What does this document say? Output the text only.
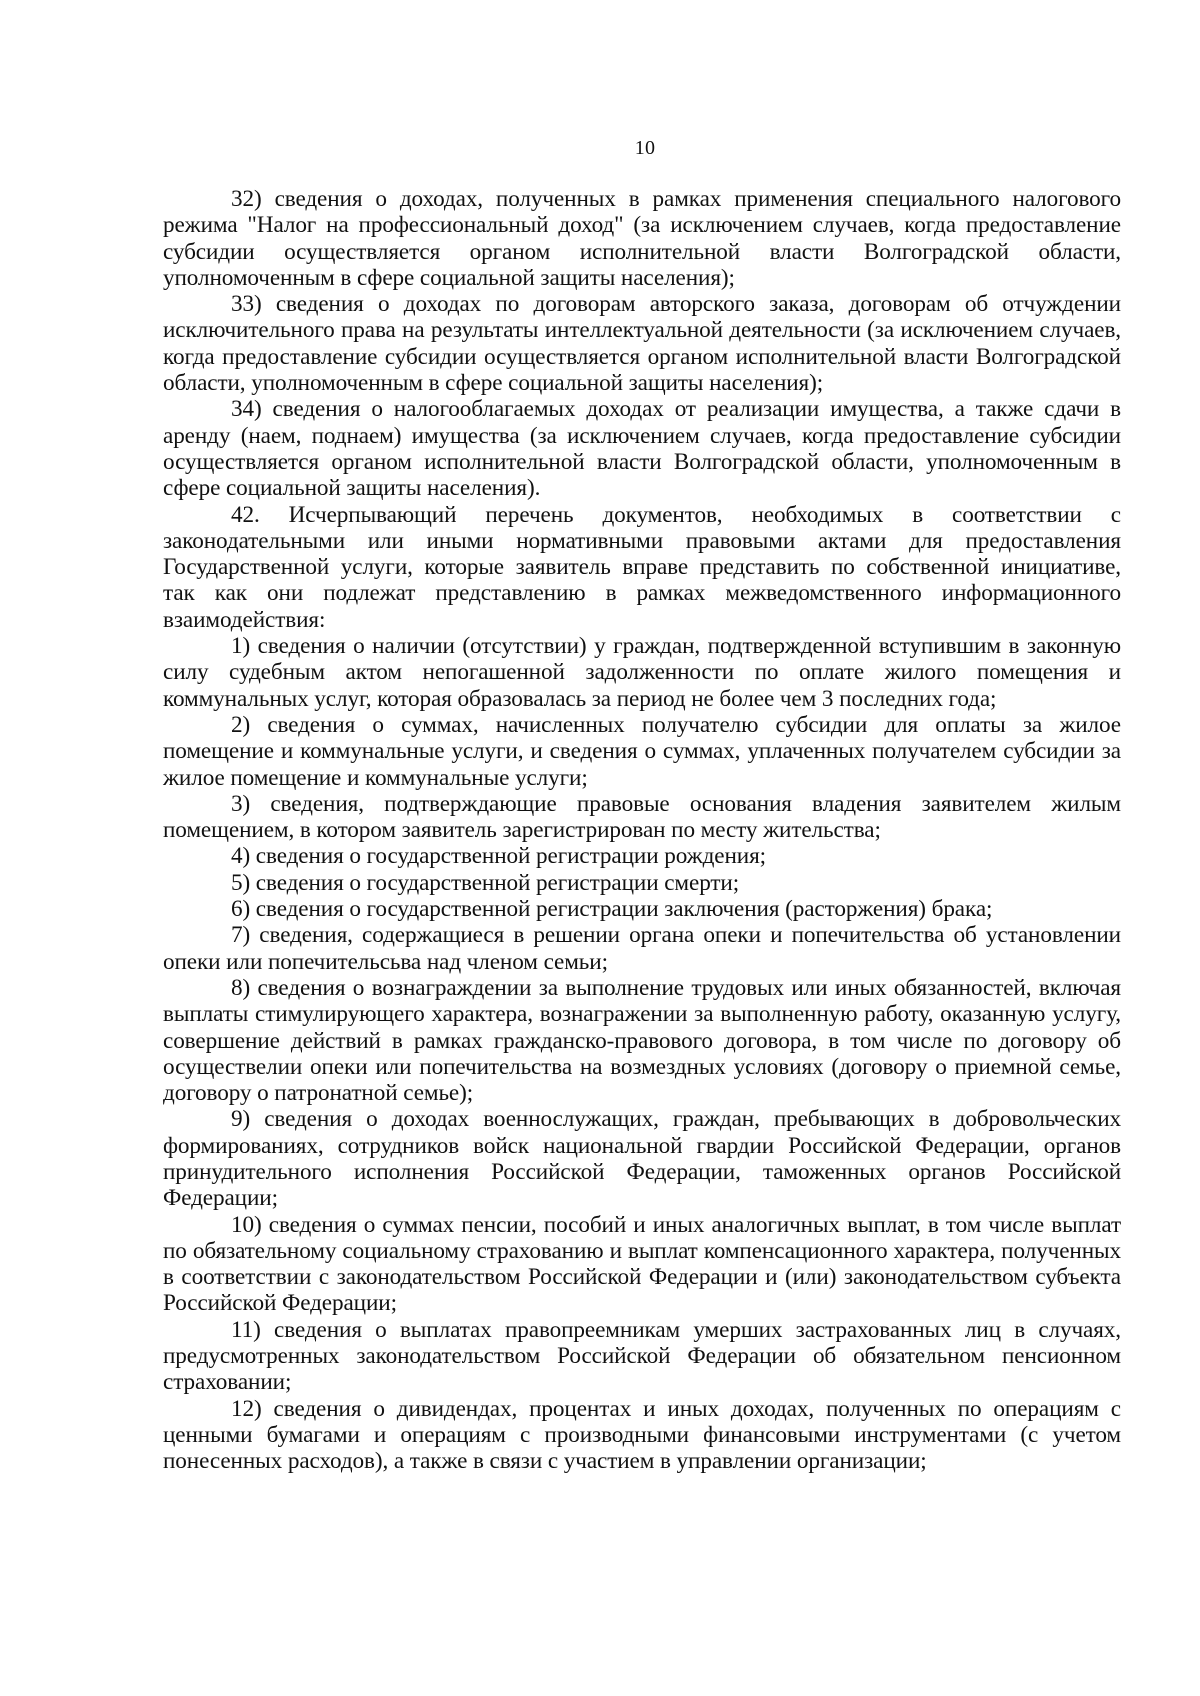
10

32) сведения о доходах, полученных в рамках применения специального налогового режима "Налог на профессиональный доход" (за исключением случаев, когда предоставление субсидии осуществляется органом исполнительной власти Волгоградской области, уполномоченным в сфере социальной защиты населения);

33) сведения о доходах по договорам авторского заказа, договорам об отчуждении исключительного права на результаты интеллектуальной деятельности (за исключением случаев, когда предоставление субсидии осуществляется органом исполнительной власти Волгоградской области, уполномоченным в сфере социальной защиты населения);

34) сведения о налогооблагаемых доходах от реализации имущества, а также сдачи в аренду (наем, поднаем) имущества (за исключением случаев, когда предоставление субсидии осуществляется органом исполнительной власти Волгоградской области, уполномоченным в сфере социальной защиты населения).

42. Исчерпывающий перечень документов, необходимых в соответствии с законодательными или иными нормативными правовыми актами для предоставления Государственной услуги, которые заявитель вправе представить по собственной инициативе, так как они подлежат представлению в рамках межведомственного информационного взаимодействия:

1) сведения о наличии (отсутствии) у граждан, подтвержденной вступившим в законную силу судебным актом непогашенной задолженности по оплате жилого помещения и коммунальных услуг, которая образовалась за период не более чем 3 последних года;

2) сведения о суммах, начисленных получателю субсидии для оплаты за жилое помещение и коммунальные услуги, и сведения о суммах, уплаченных получателем субсидии за жилое помещение и коммунальные услуги;

3) сведения, подтверждающие правовые основания владения заявителем жилым помещением, в котором заявитель зарегистрирован по месту жительства;

4) сведения о государственной регистрации рождения;

5) сведения о государственной регистрации смерти;

6) сведения о государственной регистрации заключения (расторжения) брака;

7) сведения, содержащиеся в решении органа опеки и попечительства об установлении опеки или попечительсьва над членом семьи;

8) сведения о вознаграждении за выполнение трудовых или иных обязанностей, включая выплаты стимулирующего характера, вознагражении за выполненную работу, оказанную услугу, совершение действий в рамках гражданско-правового договора, в том числе по договору об осуществелии опеки или попечительства на возмездных условиях (договору о приемной семье, договору о патронатной семье);

9) сведения о доходах военнослужащих, граждан, пребывающих в добровольческих формированиях, сотрудников войск национальной гвардии Российской Федерации, органов принудительного исполнения Российской Федерации, таможенных органов Российской Федерации;

10) сведения о суммах пенсии, пособий и иных аналогичных выплат, в том числе выплат по обязательному социальному страхованию и выплат компенсационного характера, полученных в соответствии с законодательством Российской Федерации и (или) законодательством субъекта Российской Федерации;

11) сведения о выплатах правопреемникам умерших застрахованных лиц в случаях, предусмотренных законодательством Российской Федерации об обязательном пенсионном страховании;

12) сведения о дивидендах, процентах и иных доходах, полученных по операциям с ценными бумагами и операциям с производными финансовыми инструментами (с учетом понесенных расходов), а также в связи с участием в управлении организации;
